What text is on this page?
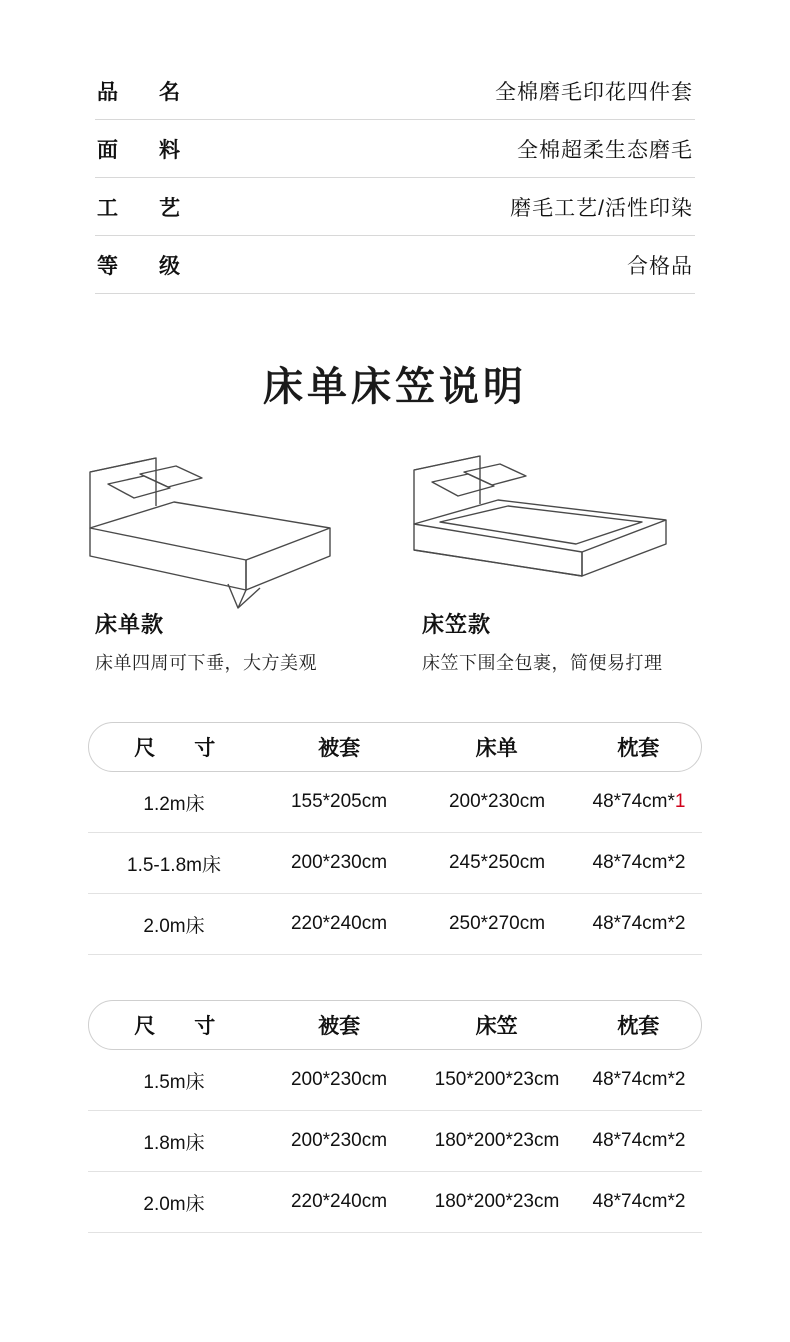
品　名	全棉磨毛印花四件套
面　料	全棉超柔生态磨毛
工　艺	磨毛工艺/活性印染
等　级	合格品
床单床笠说明
床单款
床单四周可下垂，大方美观
床笠款
床笠下围全包裹，简便易打理
尺　寸	被套	床单	枕套
1.2m床	155*205cm	200*230cm	48*74cm*1
1.5-1.8m床	200*230cm	245*250cm	48*74cm*2
2.0m床	220*240cm	250*270cm	48*74cm*2
尺　寸	被套	床笠	枕套
1.5m床	200*230cm	150*200*23cm	48*74cm*2
1.8m床	200*230cm	180*200*23cm	48*74cm*2
2.0m床	220*240cm	180*200*23cm	48*74cm*2
